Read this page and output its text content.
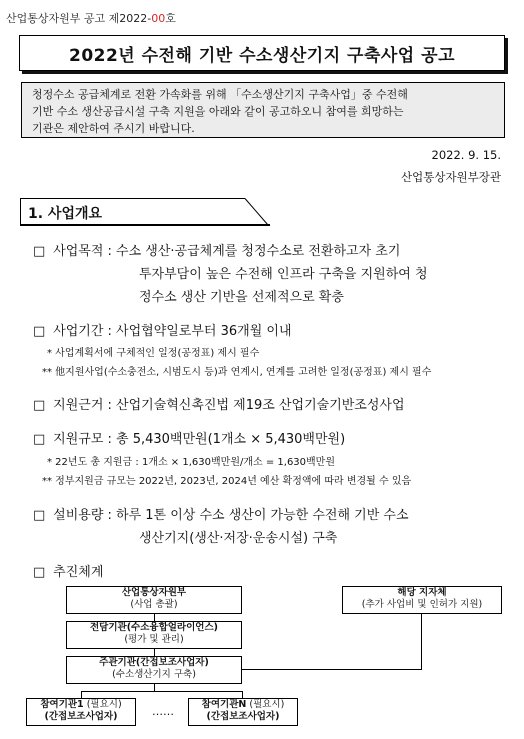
산업통상자원부 공고 제2022-00호
2022년 수전해 기반 수소생산기지 구축사업 공고
청정수소 공급체계로 전환 가속화를 위해 「수소생산기지 구축사업」중 수전해
기반 수소 생산공급시설 구축 지원을 아래와 같이 공고하오니 참여를 희망하는
기관은 제안하여 주시기 바랍니다.
2022. 9. 15.
산업통상자원부장관
1. 사업개요
□ 사업목적 : 수소 생산·공급체계를 청정수소로 전환하고자 초기
투자부담이 높은 수전해 인프라 구축을 지원하여 청
정수소 생산 기반을 선제적으로 확충
□ 사업기간 : 사업협약일로부터 36개월 이내
* 사업계획서에 구체적인 일정(공정표) 제시 필수
** 他지원사업(수소충전소, 시범도시 등)과 연계시, 연계를 고려한 일정(공정표) 제시 필수
□ 지원근거 : 산업기술혁신촉진법 제19조 산업기술기반조성사업
□ 지원규모 : 총 5,430백만원(1개소 × 5,430백만원)
* 22년도 총 지원금 : 1개소 × 1,630백만원/개소 = 1,630백만원
** 정부지원금 규모는 2022년, 2023년, 2024년 예산 확정액에 따라 변경될 수 있음
□ 설비용량 : 하루 1톤 이상 수소 생산이 가능한 수전해 기반 수소
생산기지(생산·저장·운송시설) 구축
□ 추진체계
산업통상자원부
(사업 총괄)
해당 지자체
(추가 사업비 및 인허가 지원)
전담기관(수소융합얼라이언스)
(평가 및 관리)
주관기관(간접보조사업자)
(수소생산기지 구축)
참여기관1 (필요시)
(간접보조사업자)	……
참여기관N (필요시)
(간접보조사업자)
